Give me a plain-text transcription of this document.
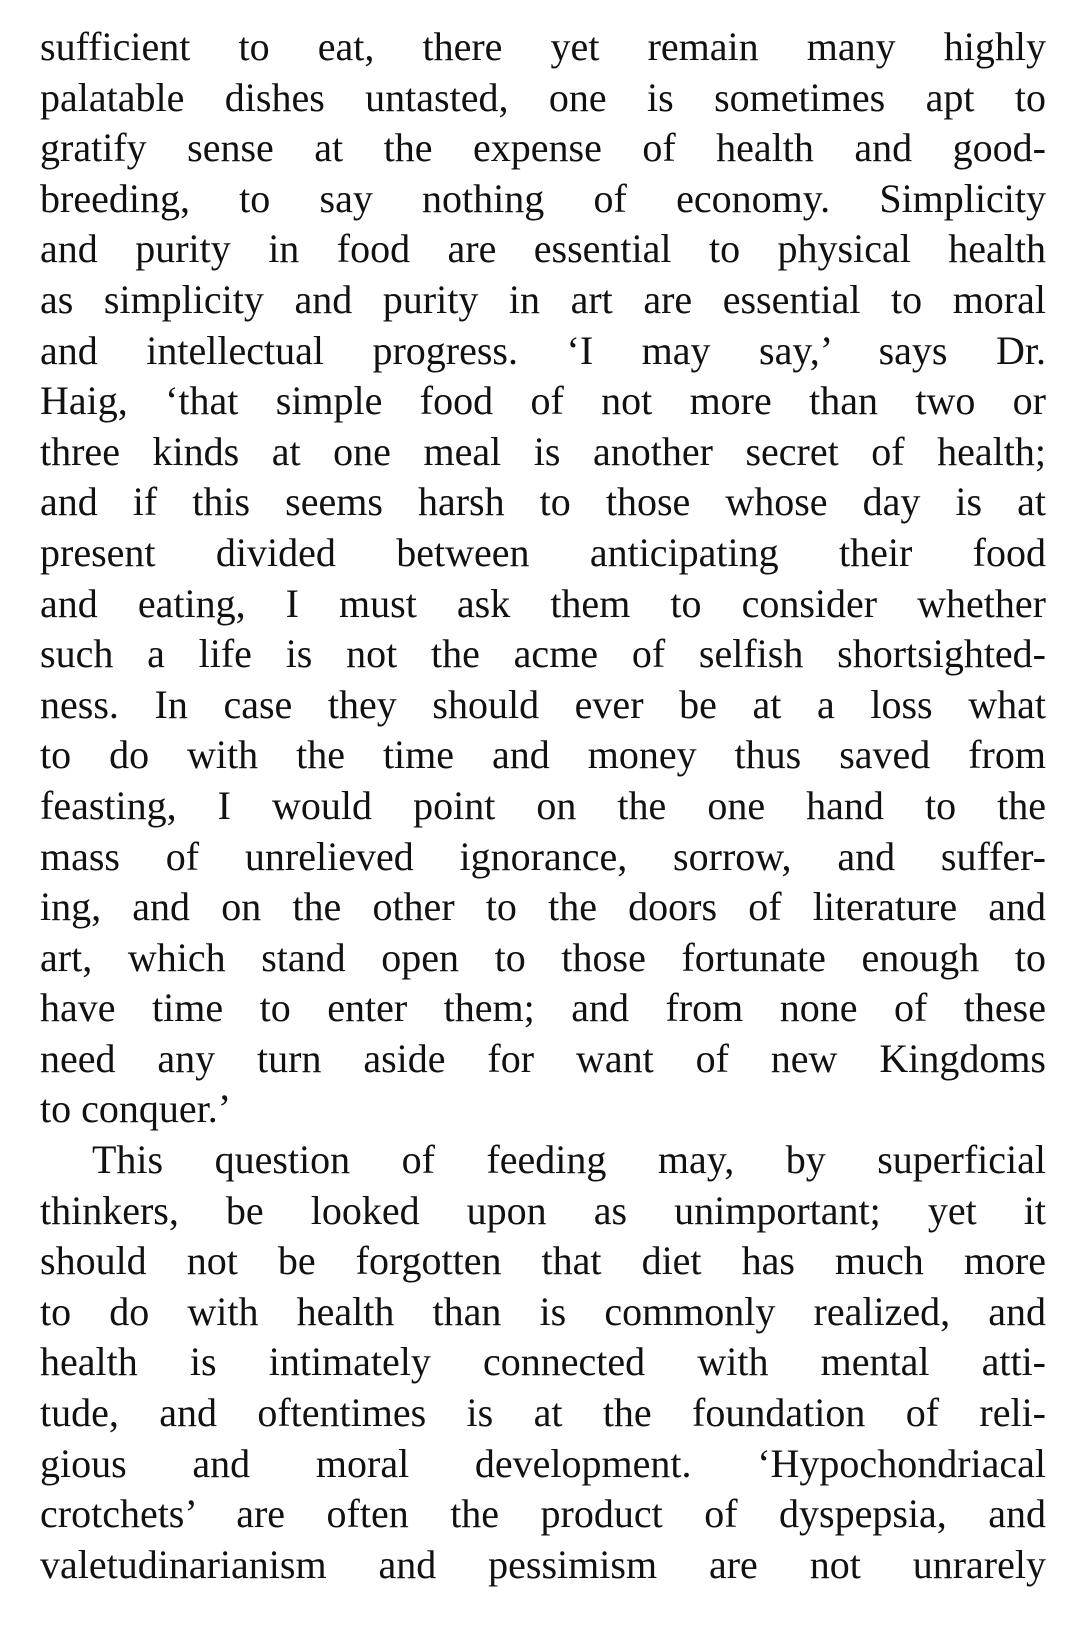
sufficient to eat, there yet remain many highly
palatable dishes untasted, one is sometimes apt to
gratify sense at the expense of health and good-
breeding, to say nothing of economy. Simplicity
and purity in food are essential to physical health
as simplicity and purity in art are essential to moral
and intellectual progress. ‘I may say,’ says Dr.
Haig, ‘that simple food of not more than two or
three kinds at one meal is another secret of health;
and if this seems harsh to those whose day is at
present divided between anticipating their food
and eating, I must ask them to consider whether
such a life is not the acme of selfish shortsighted-
ness. In case they should ever be at a loss what
to do with the time and money thus saved from
feasting, I would point on the one hand to the
mass of unrelieved ignorance, sorrow, and suffer-
ing, and on the other to the doors of literature and
art, which stand open to those fortunate enough to
have time to enter them; and from none of these
need any turn aside for want of new Kingdoms
to conquer.’
This question of feeding may, by superficial
thinkers, be looked upon as unimportant; yet it
should not be forgotten that diet has much more
to do with health than is commonly realized, and
health is intimately connected with mental atti-
tude, and oftentimes is at the foundation of reli-
gious and moral development. ‘Hypochondriacal
crotchets’ are often the product of dyspepsia, and
valetudinarianism and pessimism are not unrarely
